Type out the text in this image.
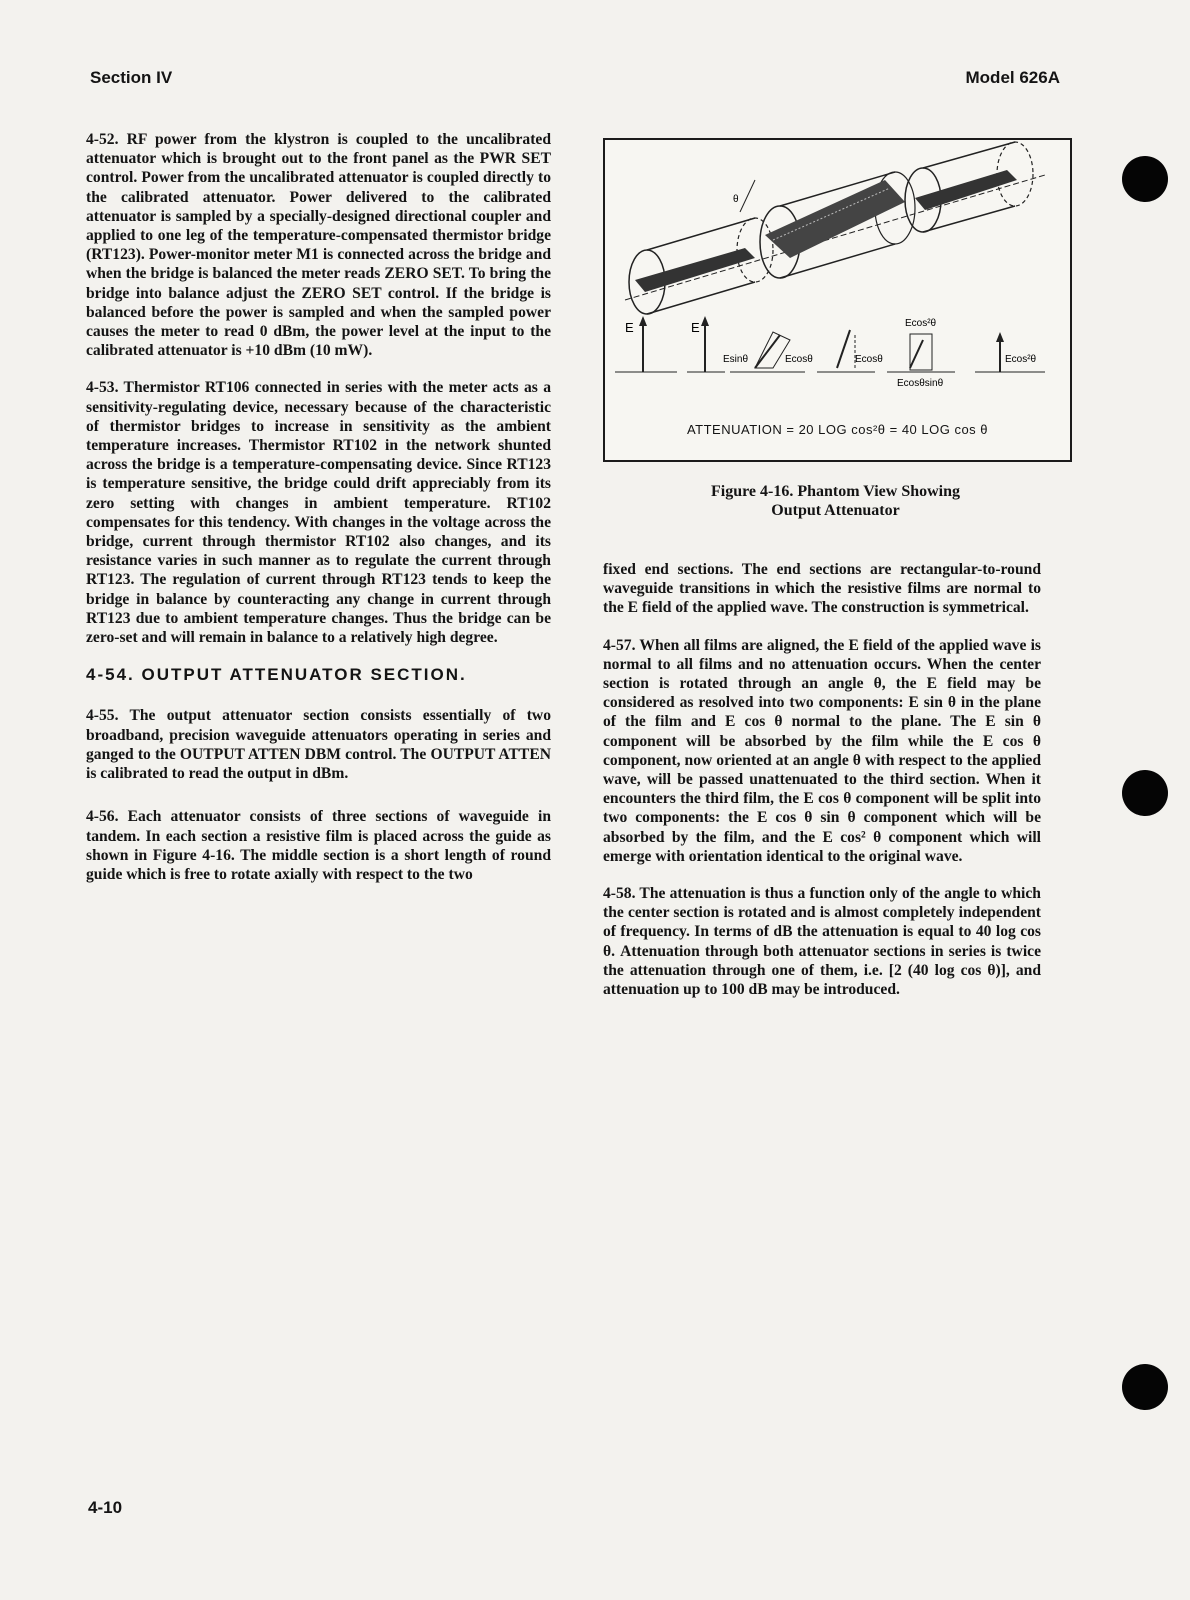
Section IV	Model 626A

4-52. RF power from the klystron is coupled to the uncalibrated attenuator which is brought out to the front panel as the PWR SET control. Power from the uncalibrated attenuator is coupled directly to the calibrated attenuator. Power delivered to the calibrated attenuator is sampled by a specially-designed directional coupler and applied to one leg of the temperature-compensated thermistor bridge (RT123). Power-monitor meter M1 is connected across the bridge and when the bridge is balanced the meter reads ZERO SET. To bring the bridge into balance adjust the ZERO SET control. If the bridge is balanced before the power is sampled and when the sampled power causes the meter to read 0 dBm, the power level at the input to the calibrated attenuator is +10 dBm (10 mW).

4-53. Thermistor RT106 connected in series with the meter acts as a sensitivity-regulating device, necessary because of the characteristic of thermistor bridges to increase in sensitivity as the ambient temperature increases. Thermistor RT102 in the network shunted across the bridge is a temperature-compensating device. Since RT123 is temperature sensitive, the bridge could drift appreciably from its zero setting with changes in ambient temperature. RT102 compensates for this tendency. With changes in the voltage across the bridge, current through thermistor RT102 also changes, and its resistance varies in such manner as to regulate the current through RT123. The regulation of current through RT123 tends to keep the bridge in balance by counteracting any change in current through RT123 due to ambient temperature changes. Thus the bridge can be zero-set and will remain in balance to a relatively high degree.

4-54. OUTPUT ATTENUATOR SECTION.

4-55. The output attenuator section consists essentially of two broadband, precision waveguide attenuators operating in series and ganged to the OUTPUT ATTEN DBM control. The OUTPUT ATTEN is calibrated to read the output in dBm.

4-56. Each attenuator consists of three sections of waveguide in tandem. In each section a resistive film is placed across the guide as shown in Figure 4-16. The middle section is a short length of round guide which is free to rotate axially with respect to the two

θ
E	E
Esinθ	Ecosθ	Ecosθ
Ecos²θ
Ecosθsinθ
Ecos²θ
ATTENUATION = 20 LOG cos²θ = 40 LOG cos θ
Figure 4-16. Phantom View Showing
Output Attenuator

fixed end sections. The end sections are rectangular-to-round waveguide transitions in which the resistive films are normal to the E field of the applied wave. The construction is symmetrical.

4-57. When all films are aligned, the E field of the applied wave is normal to all films and no attenuation occurs. When the center section is rotated through an angle θ, the E field may be considered as resolved into two components: E sin θ in the plane of the film and E cos θ normal to the plane. The E sin θ component will be absorbed by the film while the E cos θ component, now oriented at an angle θ with respect to the applied wave, will be passed unattenuated to the third section. When it encounters the third film, the E cos θ component will be split into two components: the E cos θ sin θ component which will be absorbed by the film, and the E cos² θ component which will emerge with orientation identical to the original wave.

4-58. The attenuation is thus a function only of the angle to which the center section is rotated and is almost completely independent of frequency. In terms of dB the attenuation is equal to 40 log cos θ. Attenuation through both attenuator sections in series is twice the attenuation through one of them, i.e. [2 (40 log cos θ)], and attenuation up to 100 dB may be introduced.

4-10
